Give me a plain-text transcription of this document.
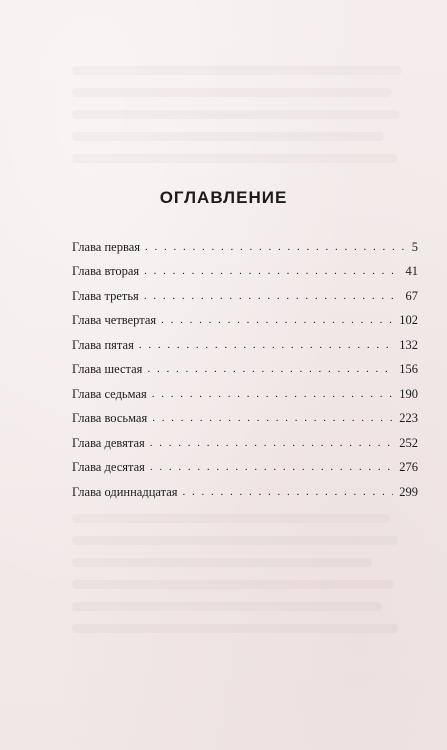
ОГЛАВЛЕНИЕ
Глава первая . . .	5
Глава вторая . . .	41
Глава третья . . .	67
Глава четвертая . . .	102
Глава пятая . . .	132
Глава шестая . . .	156
Глава седьмая . . .	190
Глава восьмая . . .	223
Глава девятая . . .	252
Глава десятая . . .	276
Глава одиннадцатая . . .	299
